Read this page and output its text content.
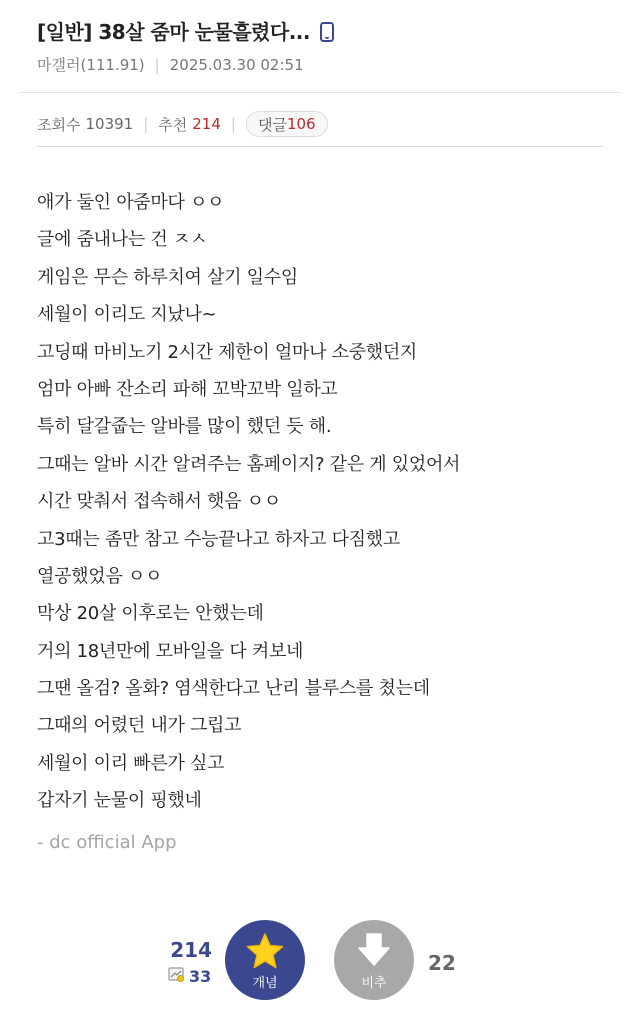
[일반] 38살 줌마 눈물흘렸다...
마갤러(111.91) | 2025.03.30 02:51
조회수 10391 | 추천 214 | 댓글 106
애가 둘인 아줌마다 ㅇㅇ
글에 줌내나는 건 ㅈㅅ
게임은 무슨 하루치여 살기 일수임
세월이 이리도 지났나~
고딩때 마비노기 2시간 제한이 얼마나 소중했던지
엄마 아빠 잔소리 파해 꼬박꼬박 일하고
특히 달갈줍는 알바를 많이 했던 듯 해.
그때는 알바 시간 알려주는 홈페이지? 같은 게 있었어서
시간 맞춰서 접속해서 햇음 ㅇㅇ
고3때는 좀만 참고 수능끝나고 하자고 다짐했고
열공했었음 ㅇㅇ
막상 20살 이후로는 안했는데
거의 18년만에 모바일을 다 켜보네
그땐 올검? 올화? 염색한다고 난리 블루스를 쳤는데
그때의 어렸던 내가 그립고
세월이 이리 빠른가 싶고
갑자기 눈물이 핑했네
- dc official App
214
33	개념	비추
22
